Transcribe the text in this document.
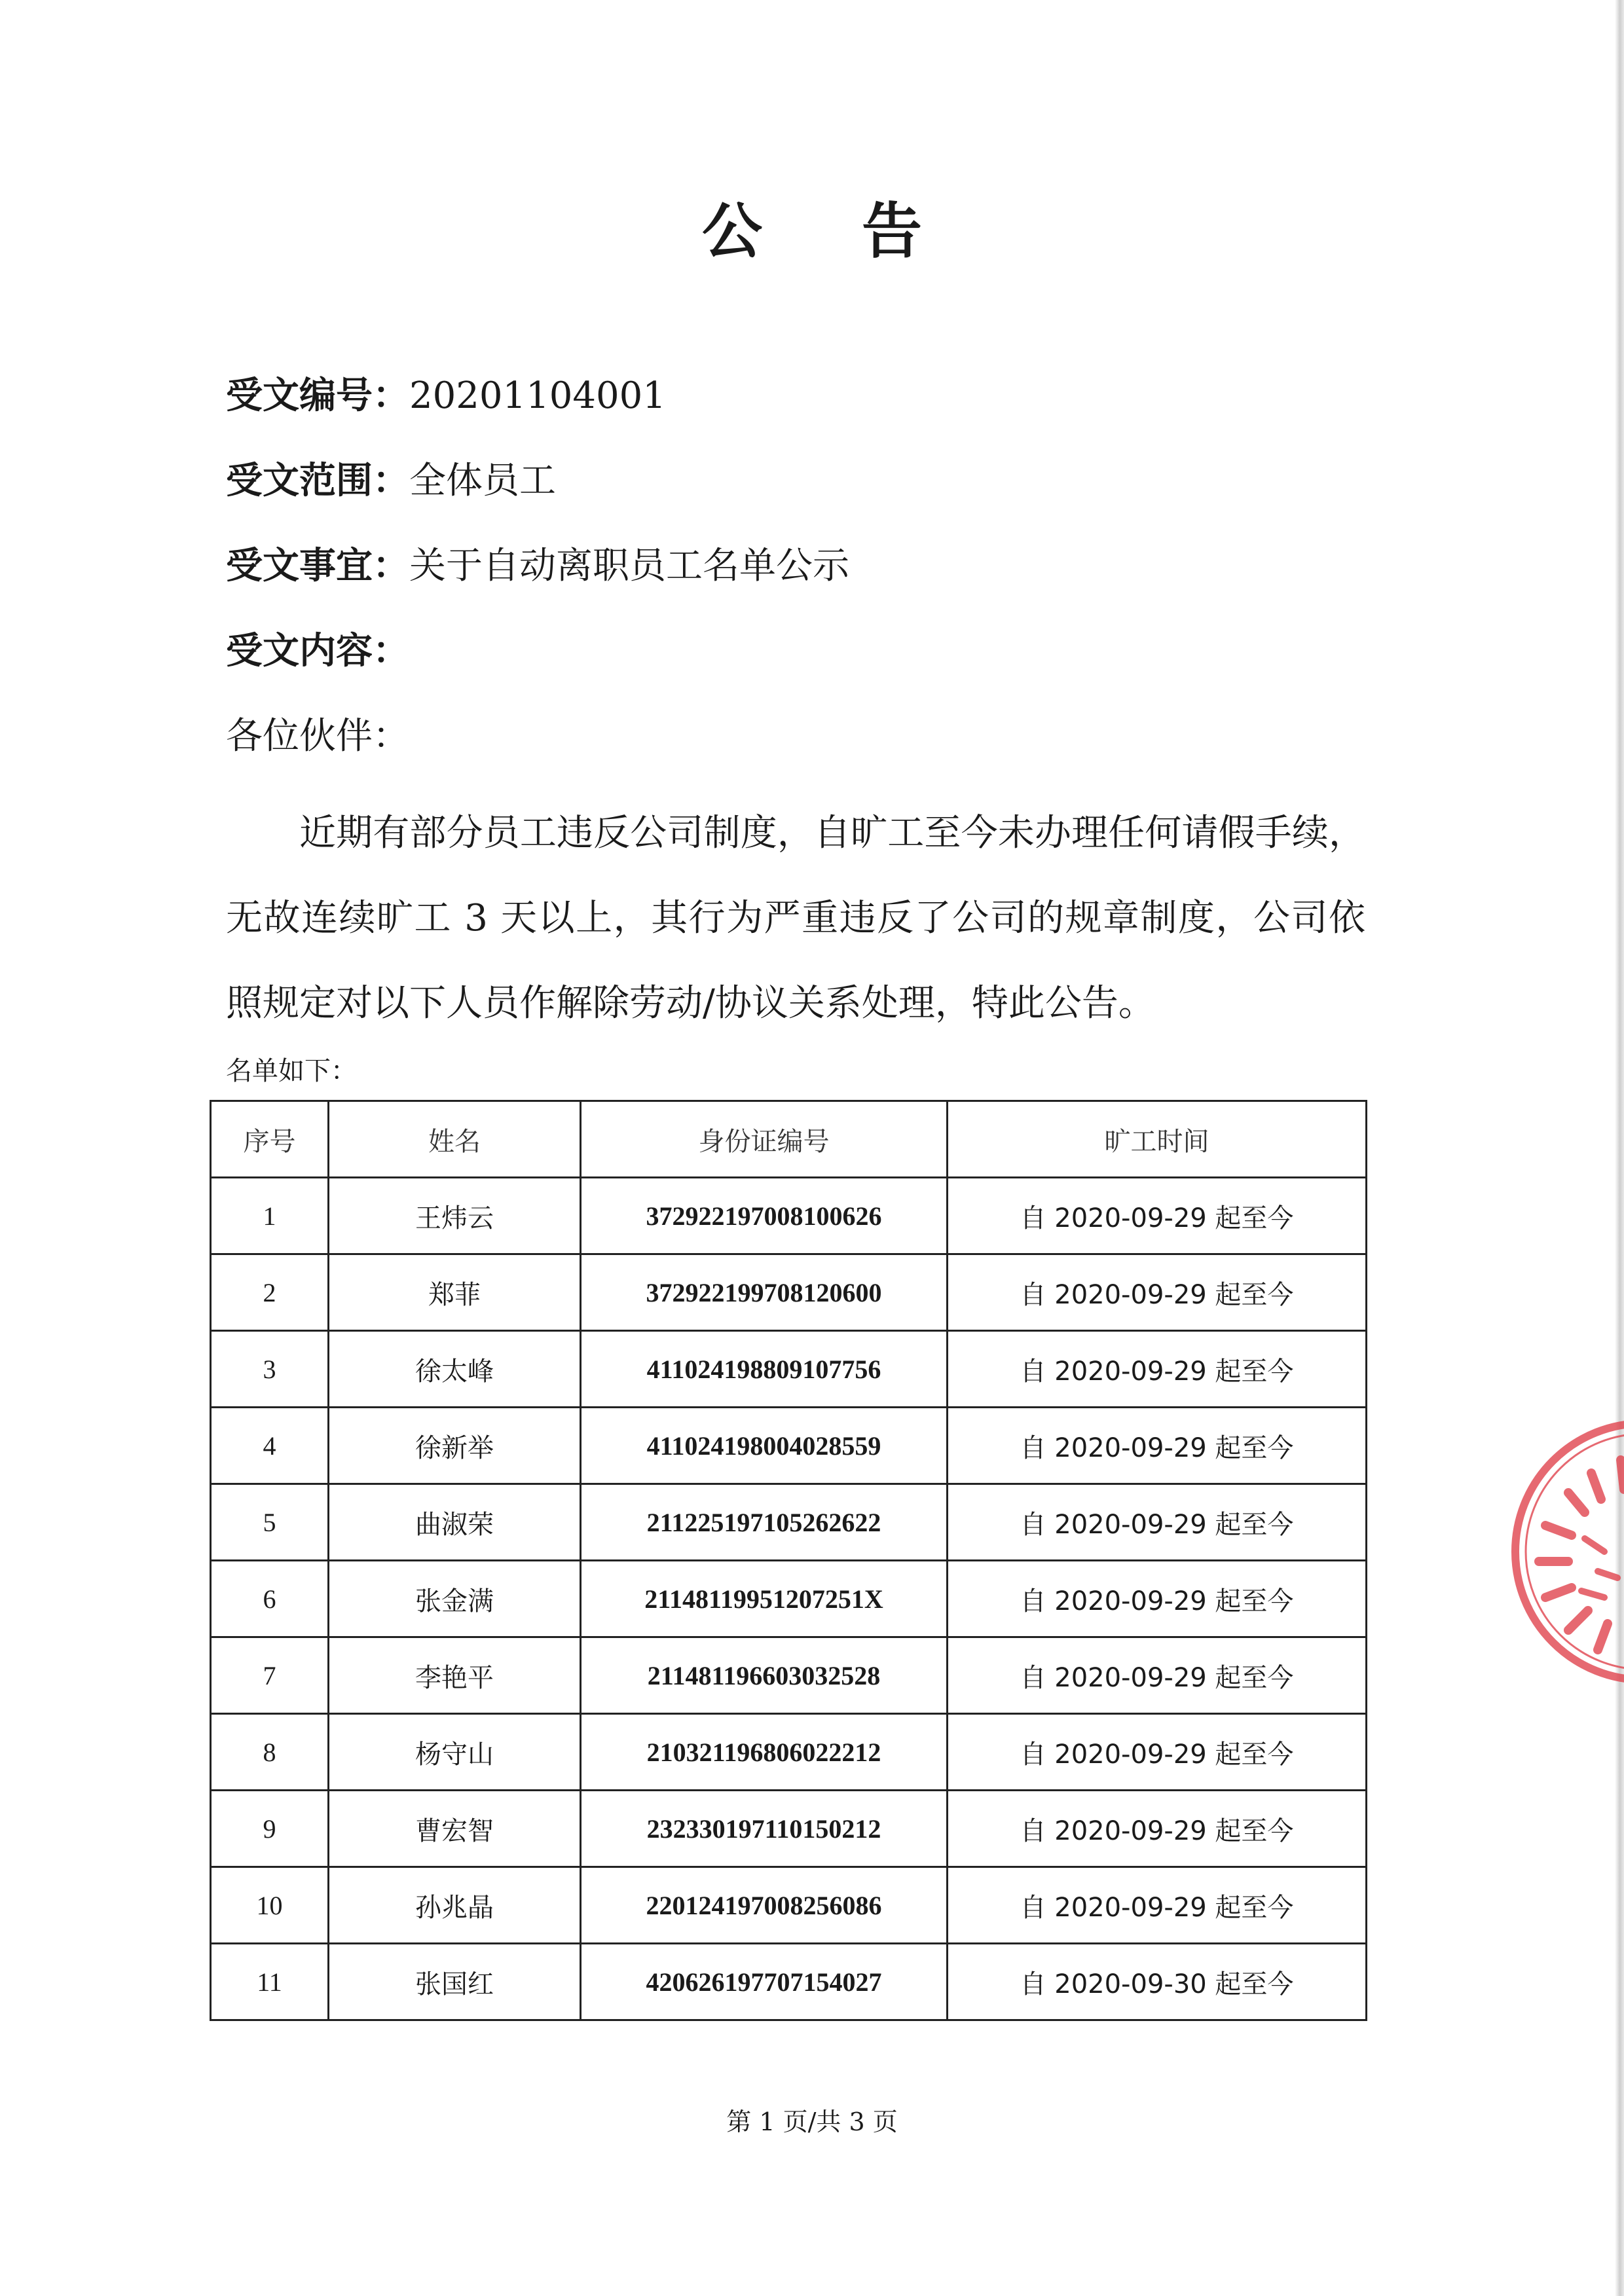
公 告
受文编号：20201104001
受文范围：全体员工
受文事宜：关于自动离职员工名单公示
受文内容：
各位伙伴：
近期有部分员工违反公司制度，自旷工至今未办理任何请假手续，无故连续旷工 3 天以上，其行为严重违反了公司的规章制度，公司依照规定对以下人员作解除劳动/协议关系处理，特此公告。
名单如下：
序号	姓名	身份证编号	旷工时间
1	王炜云	372922197008100626	自 2020-09-29 起至今
2	郑菲	372922199708120600	自 2020-09-29 起至今
3	徐太峰	411024198809107756	自 2020-09-29 起至今
4	徐新举	411024198004028559	自 2020-09-29 起至今
5	曲淑荣	211225197105262622	自 2020-09-29 起至今
6	张金满	21148119951207251X	自 2020-09-29 起至今
7	李艳平	211481196603032528	自 2020-09-29 起至今
8	杨守山	210321196806022212	自 2020-09-29 起至今
9	曹宏智	232330197110150212	自 2020-09-29 起至今
10	孙兆晶	220124197008256086	自 2020-09-29 起至今
11	张国红	420626197707154027	自 2020-09-30 起至今
第 1 页/共 3 页
